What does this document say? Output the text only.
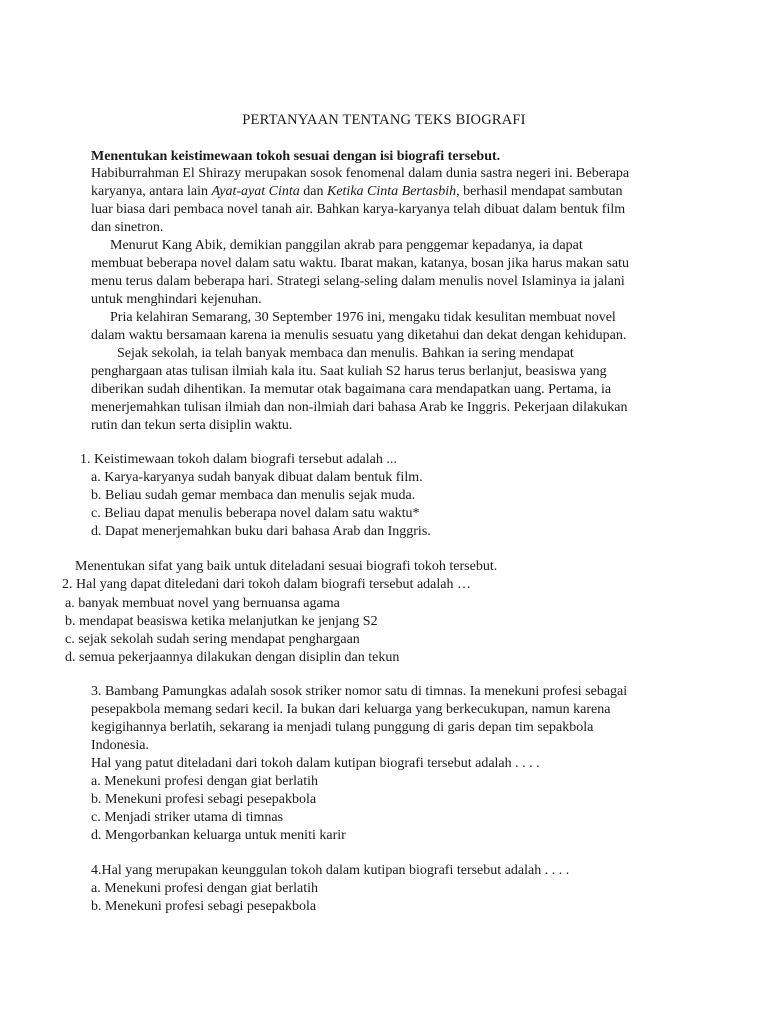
PERTANYAAN TENTANG TEKS BIOGRAFI
Menentukan keistimewaan tokoh sesuai dengan isi biografi tersebut.
Habiburrahman El Shirazy merupakan sosok fenomenal dalam dunia sastra negeri ini. Beberapa
karyanya, antara lain Ayat-ayat Cinta dan Ketika Cinta Bertasbih, berhasil mendapat sambutan
luar biasa dari pembaca novel tanah air. Bahkan karya-karyanya telah dibuat dalam bentuk film
dan sinetron.
Menurut Kang Abik, demikian panggilan akrab para penggemar kepadanya, ia dapat
membuat beberapa novel dalam satu waktu. Ibarat makan, katanya, bosan jika harus makan satu
menu terus dalam beberapa hari. Strategi selang-seling dalam menulis novel Islaminya ia jalani
untuk menghindari kejenuhan.
Pria kelahiran Semarang, 30 September 1976 ini, mengaku tidak kesulitan membuat novel
dalam waktu bersamaan karena ia menulis sesuatu yang diketahui dan dekat dengan kehidupan.
Sejak sekolah, ia telah banyak membaca dan menulis. Bahkan ia sering mendapat
penghargaan atas tulisan ilmiah kala itu. Saat kuliah S2 harus terus berlanjut, beasiswa yang
diberikan sudah dihentikan. Ia memutar otak bagaimana cara mendapatkan uang. Pertama, ia
menerjemahkan tulisan ilmiah dan non-ilmiah dari bahasa Arab ke Inggris. Pekerjaan dilakukan
rutin dan tekun serta disiplin waktu.
1. Keistimewaan tokoh dalam biografi tersebut adalah ...
a. Karya-karyanya sudah banyak dibuat dalam bentuk film.
b. Beliau sudah gemar membaca dan menulis sejak muda.
c. Beliau dapat menulis beberapa novel dalam satu waktu*
d. Dapat menerjemahkan buku dari bahasa Arab dan Inggris.
Menentukan sifat yang baik untuk diteladani sesuai biografi tokoh tersebut.
2. Hal yang dapat diteledani dari tokoh dalam biografi tersebut adalah …
a. banyak membuat novel yang bernuansa agama
b. mendapat beasiswa ketika melanjutkan ke jenjang S2
c. sejak sekolah sudah sering mendapat penghargaan
d. semua pekerjaannya dilakukan dengan disiplin dan tekun
3. Bambang Pamungkas adalah sosok striker nomor satu di timnas. Ia menekuni profesi sebagai
pesepakbola memang sedari kecil. Ia bukan dari keluarga yang berkecukupan, namun karena
kegigihannya berlatih, sekarang ia menjadi tulang punggung di garis depan tim sepakbola
Indonesia.
Hal yang patut diteladani dari tokoh dalam kutipan biografi tersebut adalah . . . .
a. Menekuni profesi dengan giat berlatih
b. Menekuni profesi sebagi pesepakbola
c. Menjadi striker utama di timnas
d. Mengorbankan keluarga untuk meniti karir
4.Hal yang merupakan keunggulan tokoh dalam kutipan biografi tersebut adalah . . . .
a. Menekuni profesi dengan giat berlatih
b. Menekuni profesi sebagi pesepakbola
